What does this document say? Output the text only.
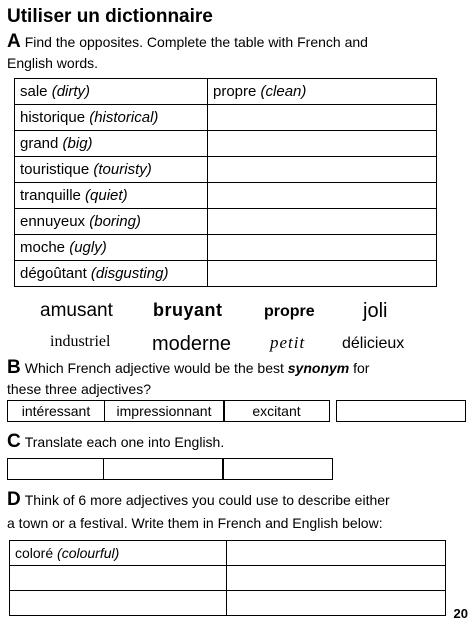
Utiliser un dictionnaire
A Find the opposites. Complete the table with French and
English words.
sale (dirty)	propre (clean)
historique (historical)	
grand (big)	
touristique (touristy)	
tranquille (quiet)	
ennuyeux (boring)	
moche (ugly)	
dégoûtant (disgusting)	
amusant bruyant	propre joli
industriel moderne petit délicieux
B Which French adjective would be the best synonym for
these three adjectives?
intéressant	impressionnant	excitant
C Translate each one into English.
D Think of 6 more adjectives you could use to describe either
a town or a festival. Write them in French and English below:
coloré (colourful)	

20
